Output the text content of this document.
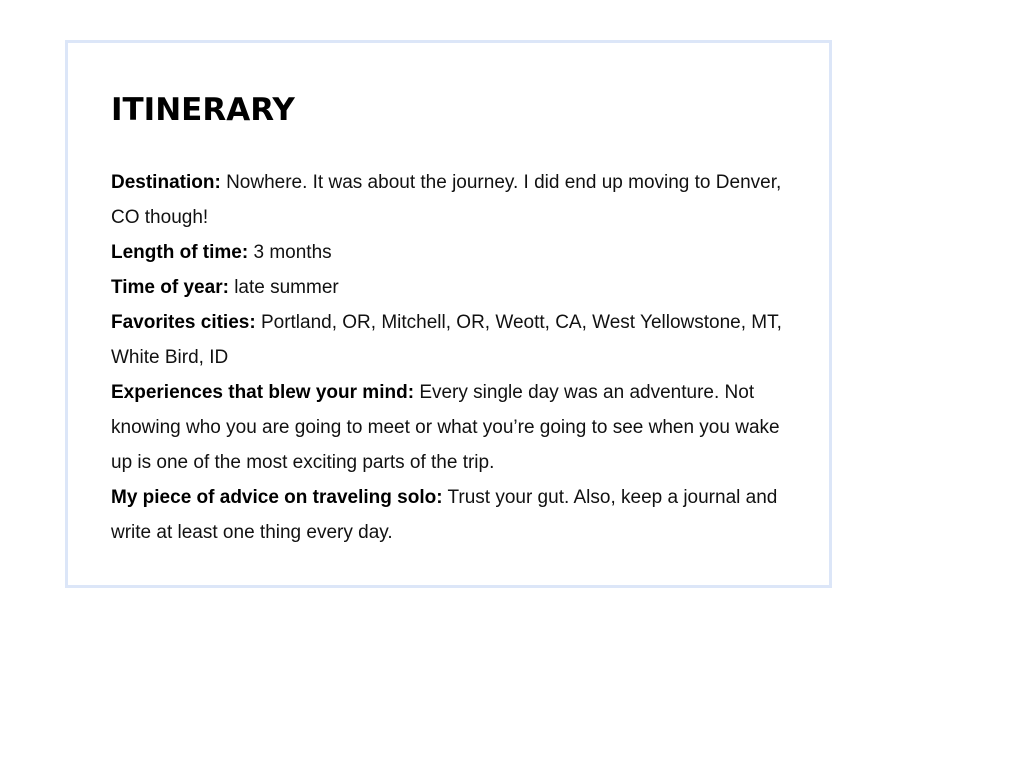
ITINERARY

Destination: Nowhere. It was about the journey. I did end up moving to Denver, CO though!

Length of time: 3 months

Time of year: late summer

Favorites cities: Portland, OR, Mitchell, OR, Weott, CA, West Yellowstone, MT, White Bird, ID

Experiences that blew your mind: Every single day was an adventure. Not knowing who you are going to meet or what you’re going to see when you wake up is one of the most exciting parts of the trip.

My piece of advice on traveling solo: Trust your gut. Also, keep a journal and write at least one thing every day.
